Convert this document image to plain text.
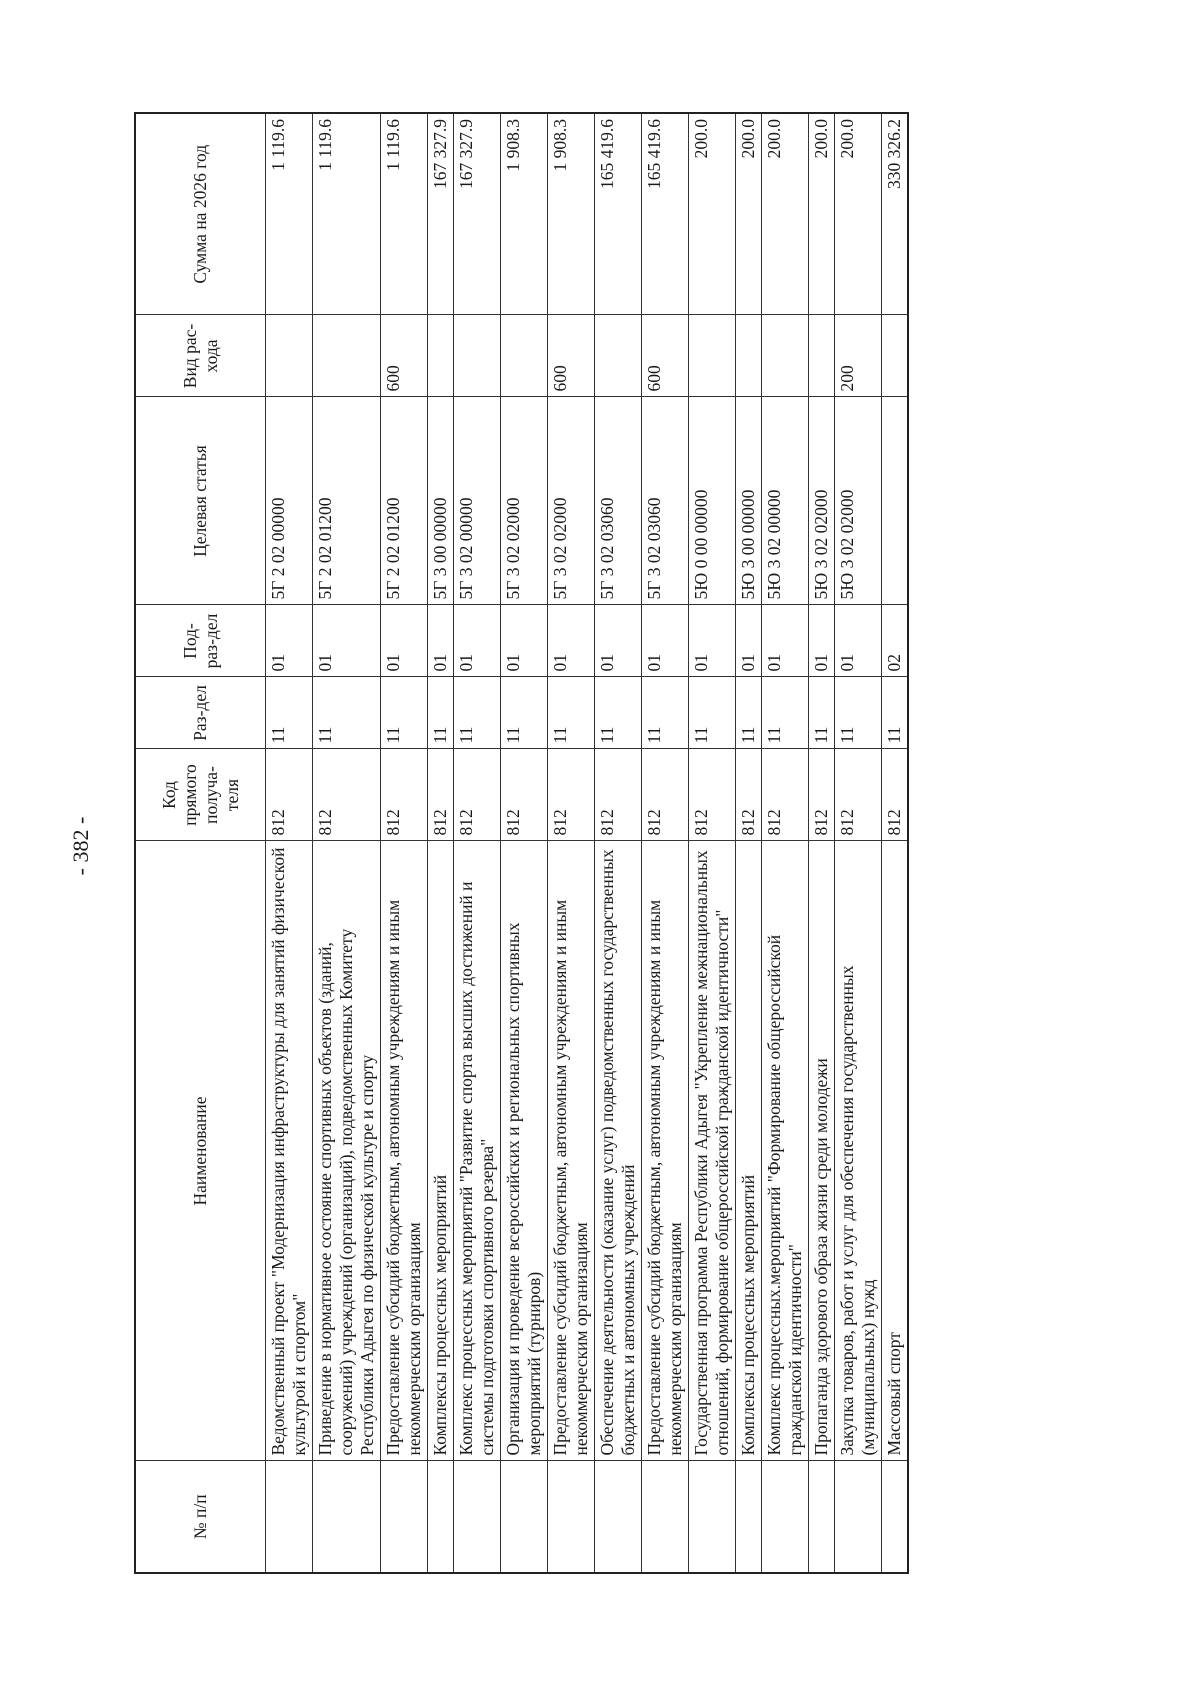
- 382 -
№ п/п	Наименование	Код прямого получа-теля	Раз-дел	Под-раз-дел	Целевая статья	Вид рас-хода	Сумма на 2026 год
	Ведомственный проект "Модернизация инфраструктуры для занятий физической культурой и спортом"	812	11	01	5Г 2 02 00000		1 119.6
	Приведение в нормативное состояние спортивных объектов (зданий, сооружений) учреждений (организаций), подведомственных Комитету Республики Адыгея по физической культуре и спорту	812	11	01	5Г 2 02 01200		1 119.6
	Предоставление субсидий бюджетным, автономным учреждениям и иным некоммерческим организациям	812	11	01	5Г 2 02 01200	600	1 119.6
	Комплексы процессных мероприятий	812	11	01	5Г 3 00 00000		167 327.9
	Комплекс процессных мероприятий "Развитие спорта высших достижений и системы подготовки спортивного резерва"	812	11	01	5Г 3 02 00000		167 327.9
	Организация и проведение всероссийских и региональных спортивных мероприятий (турниров)	812	11	01	5Г 3 02 02000		1 908.3
	Предоставление субсидий бюджетным, автономным учреждениям и иным некоммерческим организациям	812	11	01	5Г 3 02 02000	600	1 908.3
	Обеспечение деятельности (оказание услуг) подведомственных государственных бюджетных и автономных учреждений	812	11	01	5Г 3 02 03060		165 419.6
	Предоставление субсидий бюджетным, автономным учреждениям и иным некоммерческим организациям	812	11	01	5Г 3 02 03060	600	165 419.6
	Государственная программа Республики Адыгея "Укрепление межнациональных отношений, формирование общероссийской гражданской идентичности"	812	11	01	5Ю 0 00 00000		200.0
	Комплексы процессных мероприятий	812	11	01	5Ю 3 00 00000		200.0
	Комплекс процессных.мероприятий "Формирование общероссийской гражданской идентичности"	812	11	01	5Ю 3 02 00000		200.0
	Пропаганда здорового образа жизни среди молодежи	812	11	01	5Ю 3 02 02000		200.0
	Закупка товаров, работ и услуг для обеспечения государственных (муниципальных) нужд	812	11	01	5Ю 3 02 02000	200	200.0
	Массовый спорт	812	11	02			330 326.2
